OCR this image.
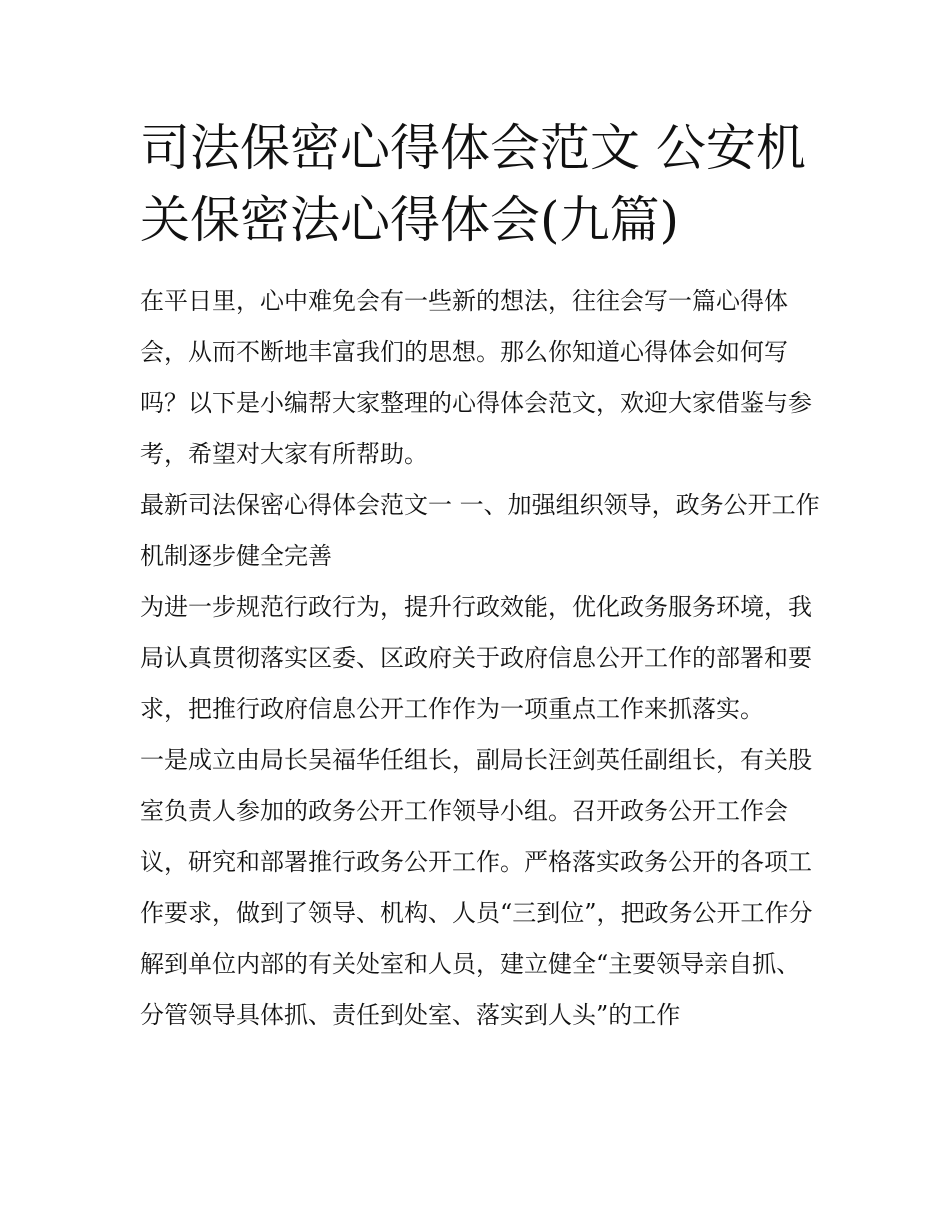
司法保密心得体会范文 公安机
关保密法心得体会(九篇)

在平日里，心中难免会有一些新的想法，往往会写一篇心得体会，从而不断地丰富我们的思想。那么你知道心得体会如何写吗？以下是小编帮大家整理的心得体会范文，欢迎大家借鉴与参考，希望对大家有所帮助。

最新司法保密心得体会范文一 一、加强组织领导，政务公开工作机制逐步健全完善

为进一步规范行政行为，提升行政效能，优化政务服务环境，我局认真贯彻落实区委、区政府关于政府信息公开工作的部署和要求，把推行政府信息公开工作作为一项重点工作来抓落实。

一是成立由局长吴福华任组长，副局长汪剑英任副组长，有关股室负责人参加的政务公开工作领导小组。召开政务公开工作会议，研究和部署推行政务公开工作。严格落实政务公开的各项工作要求，做到了领导、机构、人员“三到位”，把政务公开工作分解到单位内部的有关处室和人员，建立健全“主要领导亲自抓、分管领导具体抓、责任到处室、落实到人头”的工作
